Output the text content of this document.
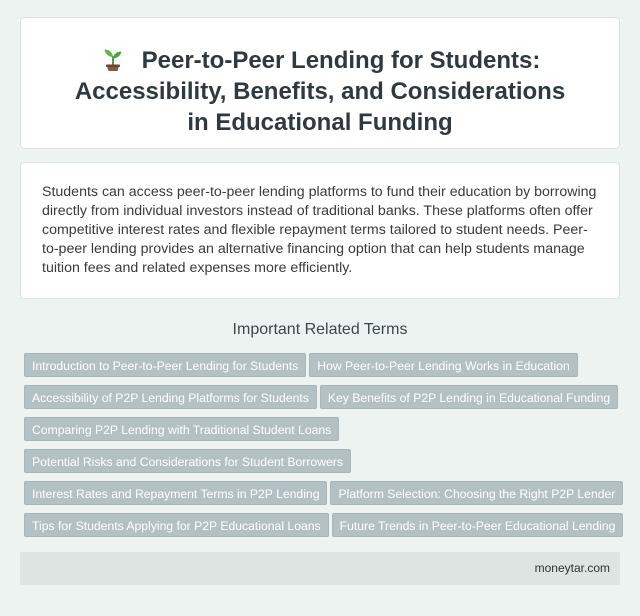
Peer-to-Peer Lending for Students: Accessibility, Benefits, and Considerations in Educational Funding

Students can access peer-to-peer lending platforms to fund their education by borrowing directly from individual investors instead of traditional banks. These platforms often offer competitive interest rates and flexible repayment terms tailored to student needs. Peer-to-peer lending provides an alternative financing option that can help students manage tuition fees and related expenses more efficiently.

Important Related Terms
Introduction to Peer-to-Peer Lending for Students How Peer-to-Peer Lending Works in Education
Accessibility of P2P Lending Platforms for Students Key Benefits of P2P Lending in Educational Funding
Comparing P2P Lending with Traditional Student Loans
Potential Risks and Considerations for Student Borrowers
Interest Rates and Repayment Terms in P2P Lending Platform Selection: Choosing the Right P2P Lender
Tips for Students Applying for P2P Educational Loans Future Trends in Peer-to-Peer Educational Lending
moneytar.com
